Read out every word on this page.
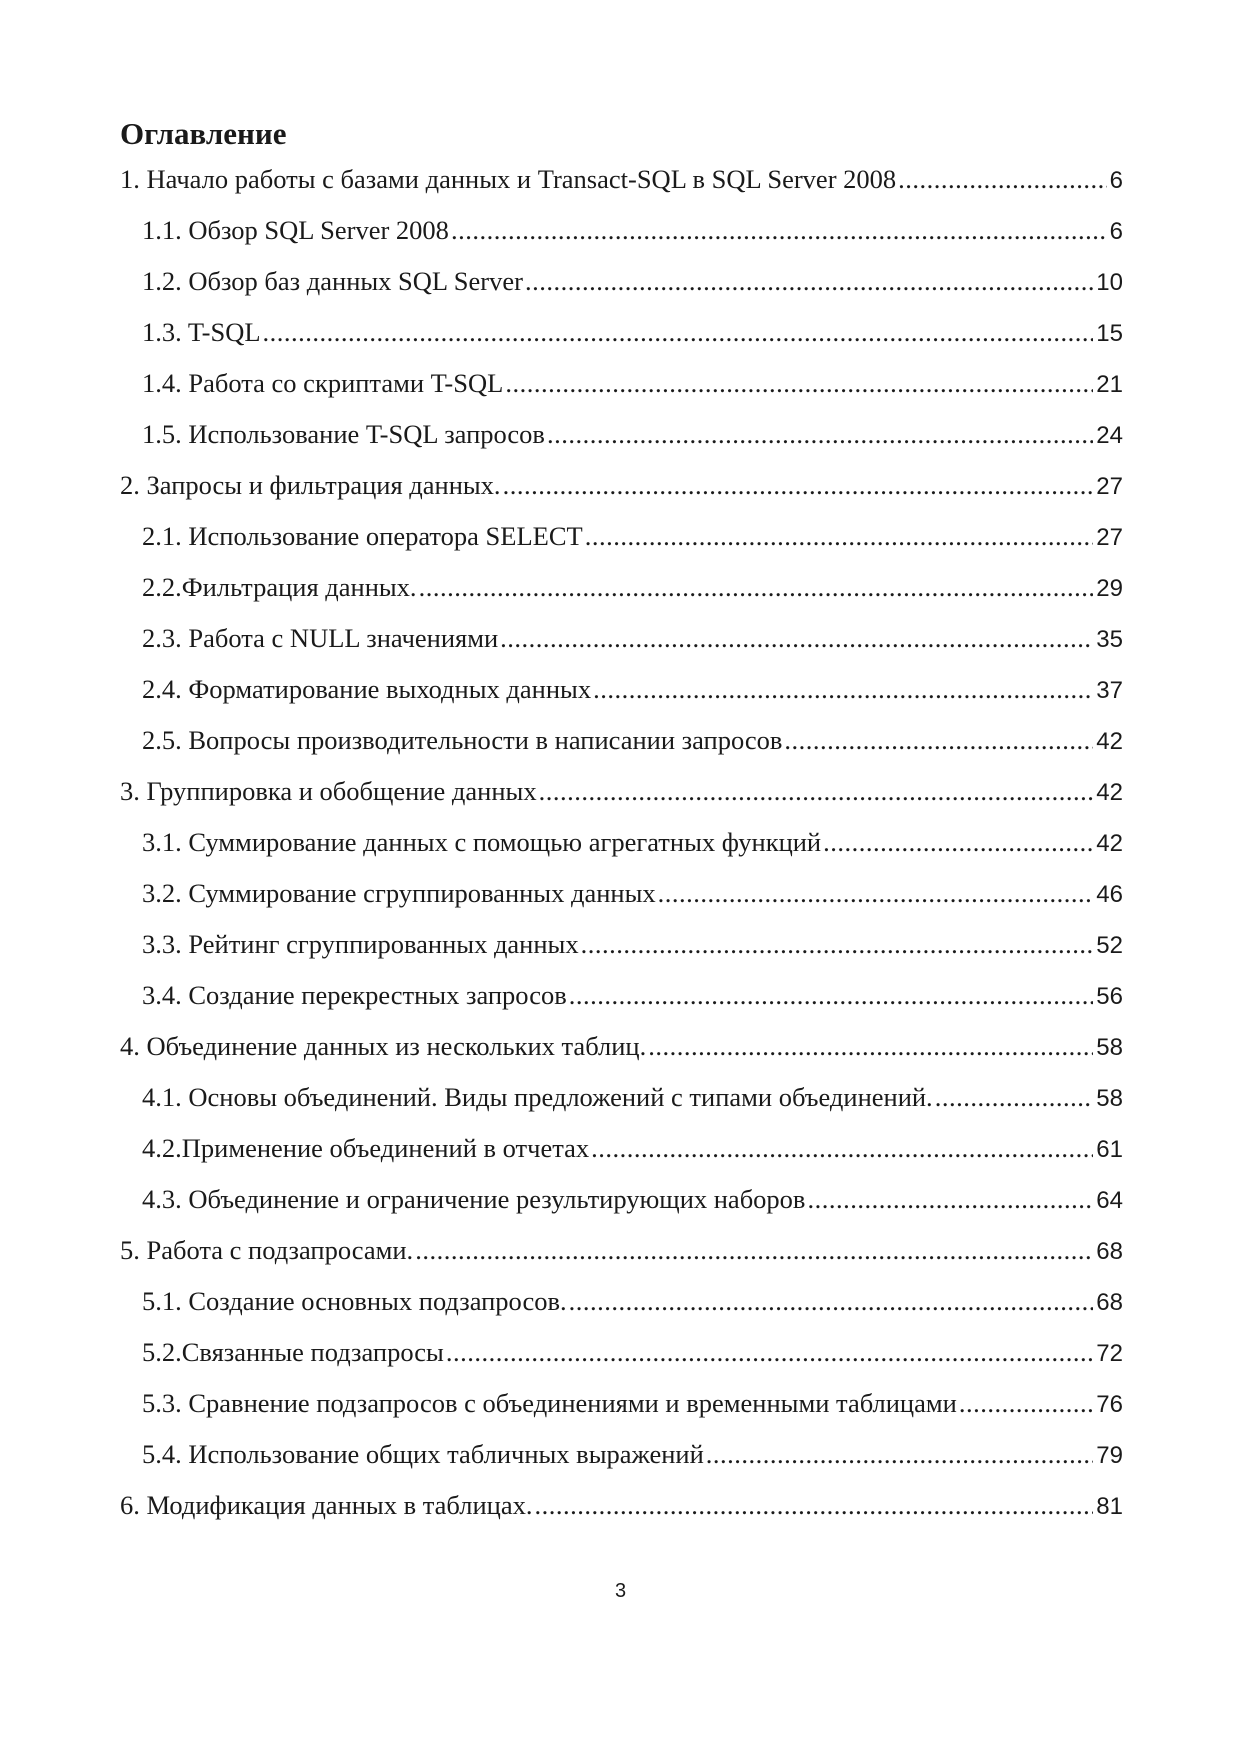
Оглавление
1. Начало работы с базами данных и Transact-SQL в SQL Server 2008 .....	6
1.1. Обзор SQL Server 2008 .....	6
1.2. Обзор баз данных SQL Server .....	10
1.3. T-SQL .....	15
1.4. Работа со скриптами T-SQL .....	21
1.5. Использование T-SQL запросов .....	24
2. Запросы и фильтрация данных. .....	27
2.1. Использование оператора SELECT .....	27
2.2.Фильтрация данных. .....	29
2.3. Работа с NULL значениями .....	35
2.4. Форматирование выходных данных .....	37
2.5. Вопросы производительности в написании запросов .....	42
3. Группировка и обобщение данных .....	42
3.1. Суммирование данных с помощью агрегатных функций .....	42
3.2. Суммирование сгруппированных данных .....	46
3.3. Рейтинг сгруппированных данных .....	52
3.4. Создание перекрестных запросов .....	56
4. Объединение данных из нескольких таблиц. .....	58
4.1. Основы объединений. Виды предложений с типами объединений. .....	58
4.2.Применение объединений в отчетах .....	61
4.3. Объединение и ограничение результирующих наборов .....	64
5. Работа с подзапросами. .....	68
5.1. Создание основных подзапросов. .....	68
5.2.Связанные подзапросы .....	72
5.3. Сравнение подзапросов с объединениями и временными таблицами .....	76
5.4. Использование общих табличных выражений .....	79
6. Модификация данных в таблицах. .....	81
3
